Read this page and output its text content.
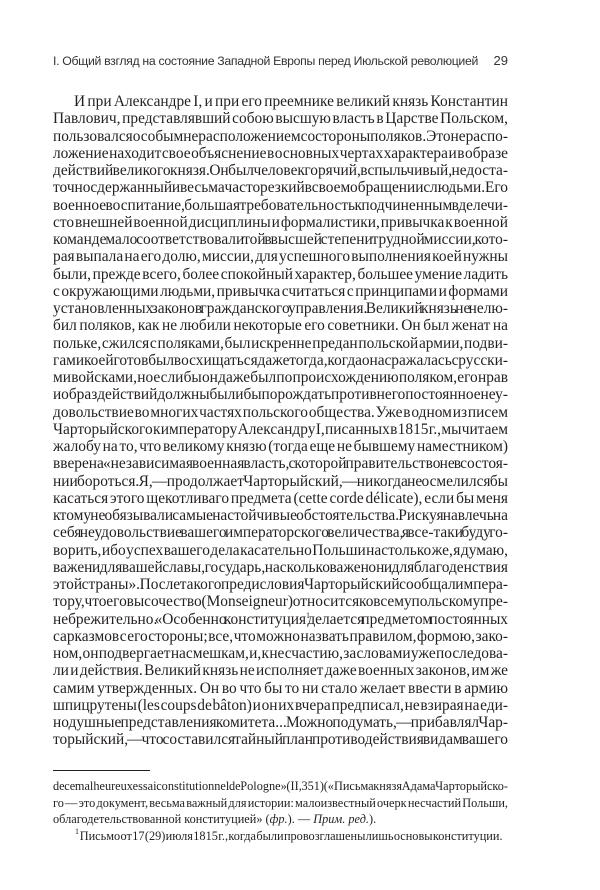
I. Общий взгляд на состояние Западной Европы перед Июльской революцией 29
И при Александре I, и при его преемнике великий князь Константин
Павлович, представлявший собою высшую власть в Царстве Польском,
пользовался особым нерасположением со стороны поляков. Это нераспо-
ложение находит свое объяснение в основных чертах характера и в образе
действий великого князя. Он был человек горячий, вспыльчивый, недоста-
точно сдержанный и весьма часто резкий в своем обращении с людьми. Его
военное воспитание, большая требовательность к подчиненным в деле чи-
сто внешней военной дисциплины и формалистики, привычка к военной
команде мало соответствовали той в высшей степени трудной миссии, кото-
рая выпала на его долю, миссии, для успешного выполнения коей нужны
были, прежде всего, более спокойный характер, большее умение ладить
с окружающими людьми, привычка считаться с принципами и формами
установленных законов гражданского управления. Великий князь не нелю-
бил поляков, как не любили некоторые его советники. Он был женат на
польке, сжился с поляками, был искренне предан польской армии, подви-
гами коей готов был восхищаться даже тогда, когда она сражалась с русски-
ми войсками, но если бы он даже был по происхождению поляком, его нрав
и образ действий должны были бы порождать против него постоянное неу-
довольствие во многих частях польского общества. Уже в одном из писем
Чарторыйского к императору Александру I, писанных в 1815 г., мы читаем
жалобу на то, что великому князю (тогда еще не бывшему наместником)
вверена «независимая военная власть, с которой правительство не в состоя-
нии бороться. Я, — продолжает Чарторыйский, — никогда не осмелился бы
касаться этого щекотливаго предмета (cette corde délicate), если бы меня
к тому не обязывали самые настойчивые обстоятельства. Рискуя навлечь на
себя неудовольствие вашего императорского величества, я все-таки буду го-
ворить, ибо успех вашего дела касательно Польши настолько же, я думаю,
важен и для вашей славы, государь, насколько важен он и для благоденствия
этой страны». После такого предисловия Чарторыйский сообщал импера-
тору, что его высочество (Monseigneur) относится ко всему польскому пре-
небрежительно. «Особенно конституция$^1$ делается предметом постоянных
сарказмов с его стороны; все, что можно назвать правилом, формою, зако-
ном, он подвергает насмешкам, и, к несчастию, за словами уже последова-
ли и действия. Великий князь не исполняет даже военных законов, им же
самим утвержденных. Он во что бы то ни стало желает ввести в армию
шпицрутены (les coups de bâton) и он их вчера предписал, не взирая на еди-
нодушные представления комитета... Можно подумать, — прибавлял Чар-
торыйский, — что составился тайный план противодействия видам вашего
de ce malheureux essai constitutionnel de Pologne» (II, 351) («Письма князя Адама Чарторыйско-
го — это документ, весьма важный для истории: малоизвестный очерк несчастий Польши,
облагодетельствованной конституцией» (фр.). — Прим. ред.).
$^1$  Письмо от 17 (29) июля 1815 г., когда были провозглашены лишь основы конституции.
